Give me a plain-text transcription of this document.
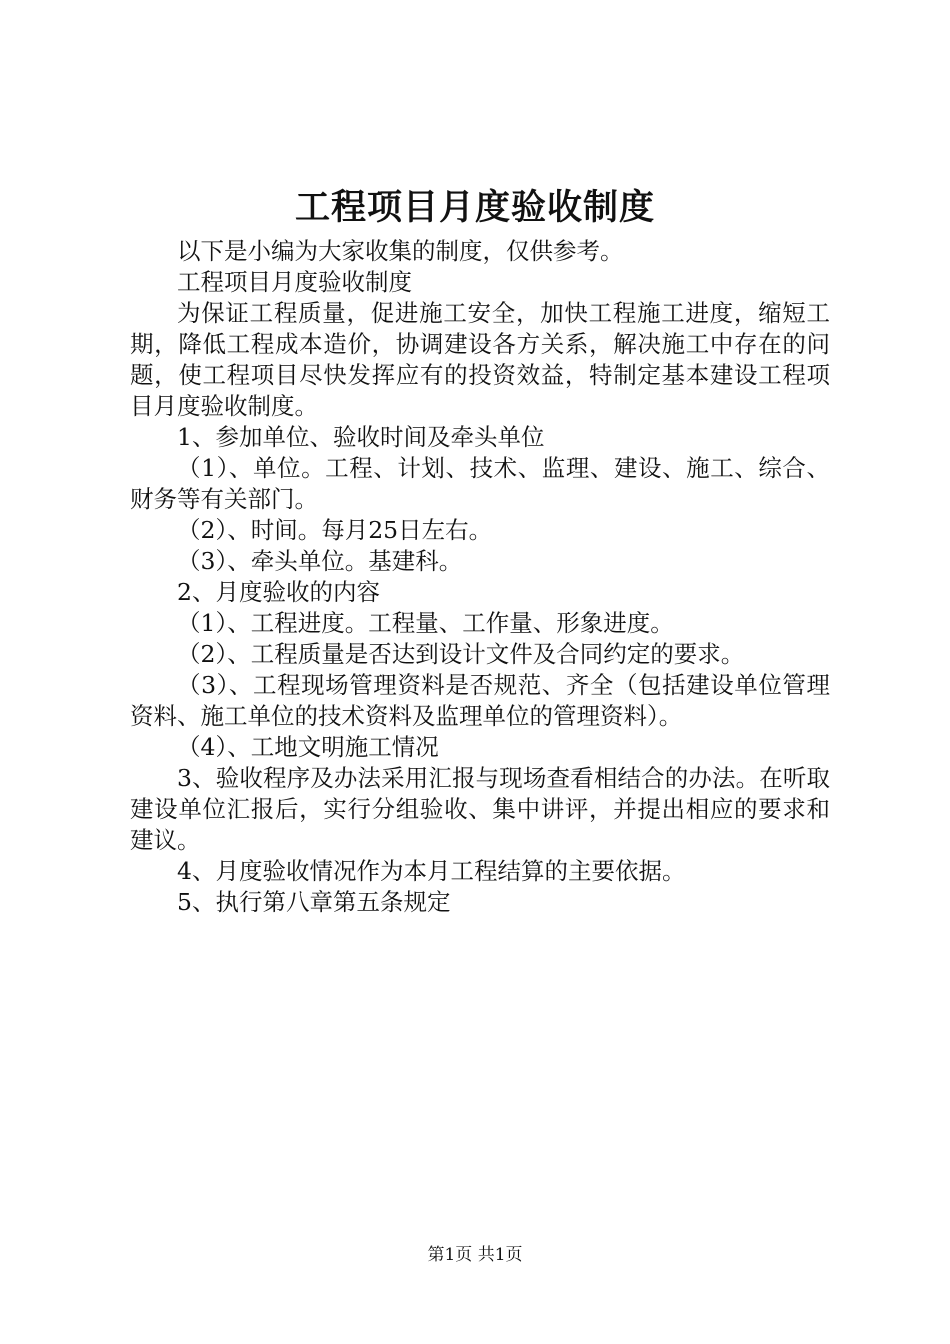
工程项目月度验收制度

以下是小编为大家收集的制度，仅供参考。

工程项目月度验收制度

为保证工程质量，促进施工安全，加快工程施工进度，缩短工期，降低工程成本造价，协调建设各方关系，解决施工中存在的问题，使工程项目尽快发挥应有的投资效益，特制定基本建设工程项目月度验收制度。

1、参加单位、验收时间及牵头单位

（1）、单位。工程、计划、技术、监理、建设、施工、综合、财务等有关部门。

（2）、时间。每月25日左右。

（3）、牵头单位。基建科。

2、月度验收的内容

（1）、工程进度。工程量、工作量、形象进度。

（2）、工程质量是否达到设计文件及合同约定的要求。

（3）、工程现场管理资料是否规范、齐全（包括建设单位管理资料、施工单位的技术资料及监理单位的管理资料）。

（4）、工地文明施工情况

3、验收程序及办法采用汇报与现场查看相结合的办法。在听取建设单位汇报后，实行分组验收、集中讲评，并提出相应的要求和建议。

4、月度验收情况作为本月工程结算的主要依据。

5、执行第八章第五条规定

第1页 共1页
